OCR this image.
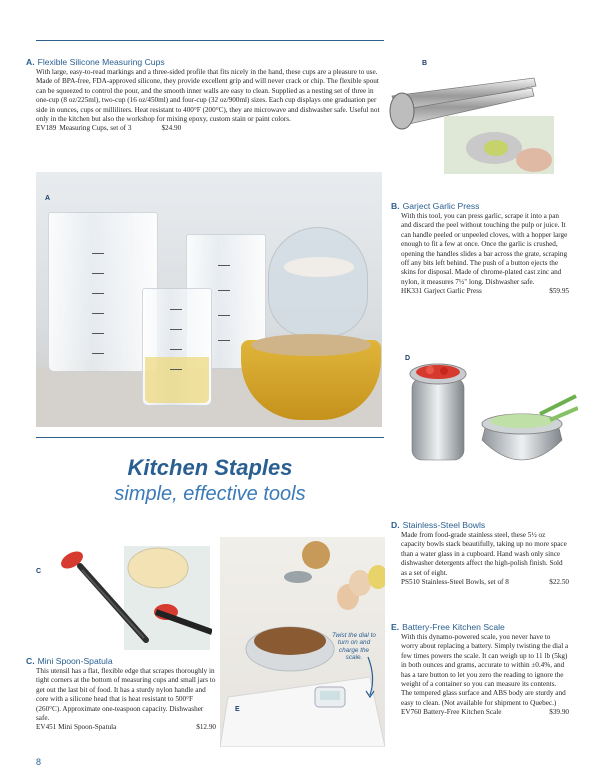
A. Flexible Silicone Measuring Cups
With large, easy-to-read markings and a three-sided profile that fits nicely in the hand, these cups are a pleasure to use. Made of BPA-free, FDA-approved silicone, they provide excellent grip and will never crack or chip. The flexible spout can be squeezed to control the pour, and the smooth inner walls are easy to clean. Supplied as a nesting set of three in one-cup (8 oz/225ml), two-cup (16 oz/450ml) and four-cup (32 oz/900ml) sizes. Each cup displays one graduation per side in ounces, cups or milliliters. Heat resistant to 400°F (200°C), they are microwave and dishwasher safe. Useful not only in the kitchen but also the workshop for mixing epoxy, custom stain or paint colors.
EV189 Measuring Cups, set of 3	$24.90
B
A
B. Garject Garlic Press
With this tool, you can press garlic, scrape it into a pan and discard the peel without touching the pulp or juice. It can handle peeled or unpeeled cloves, with a hopper large enough to fit a few at once. Once the garlic is crushed, opening the handles slides a bar across the grate, scraping off any bits left behind. The push of a button ejects the skins for disposal. Made of chrome-plated cast zinc and nylon, it measures 7½" long. Dishwasher safe.
HK331 Garject Garlic Press	$59.95
D
Kitchen Staples
simple, effective tools
D. Stainless-Steel Bowls
Made from food-grade stainless steel, these 5½ oz capacity bowls stack beautifully, taking up no more space than a water glass in a cupboard. Hand wash only since dishwasher detergents affect the high-polish finish. Sold as a set of eight.
PS510 Stainless-Steel Bowls, set of 8	$22.50
C
Twist the dial to turn on and charge the scale.
E
C. Mini Spoon-Spatula
This utensil has a flat, flexible edge that scrapes thoroughly in tight corners at the bottom of measuring cups and small jars to get out the last bit of food. It has a sturdy nylon handle and core with a silicone head that is heat resistant to 500°F (260°C). Approximate one-teaspoon capacity. Dishwasher safe.
EV451 Mini Spoon-Spatula	$12.90
E. Battery-Free Kitchen Scale
With this dynamo-powered scale, you never have to worry about replacing a battery. Simply twisting the dial a few times powers the scale. It can weigh up to 11 lb (5kg) in both ounces and grams, accurate to within ±0.4%, and has a tare button to let you zero the reading to ignore the weight of a container so you can measure its contents. The tempered glass surface and ABS body are sturdy and easy to clean. (Not available for shipment to Quebec.)
EV760 Battery-Free Kitchen Scale	$39.90
8
